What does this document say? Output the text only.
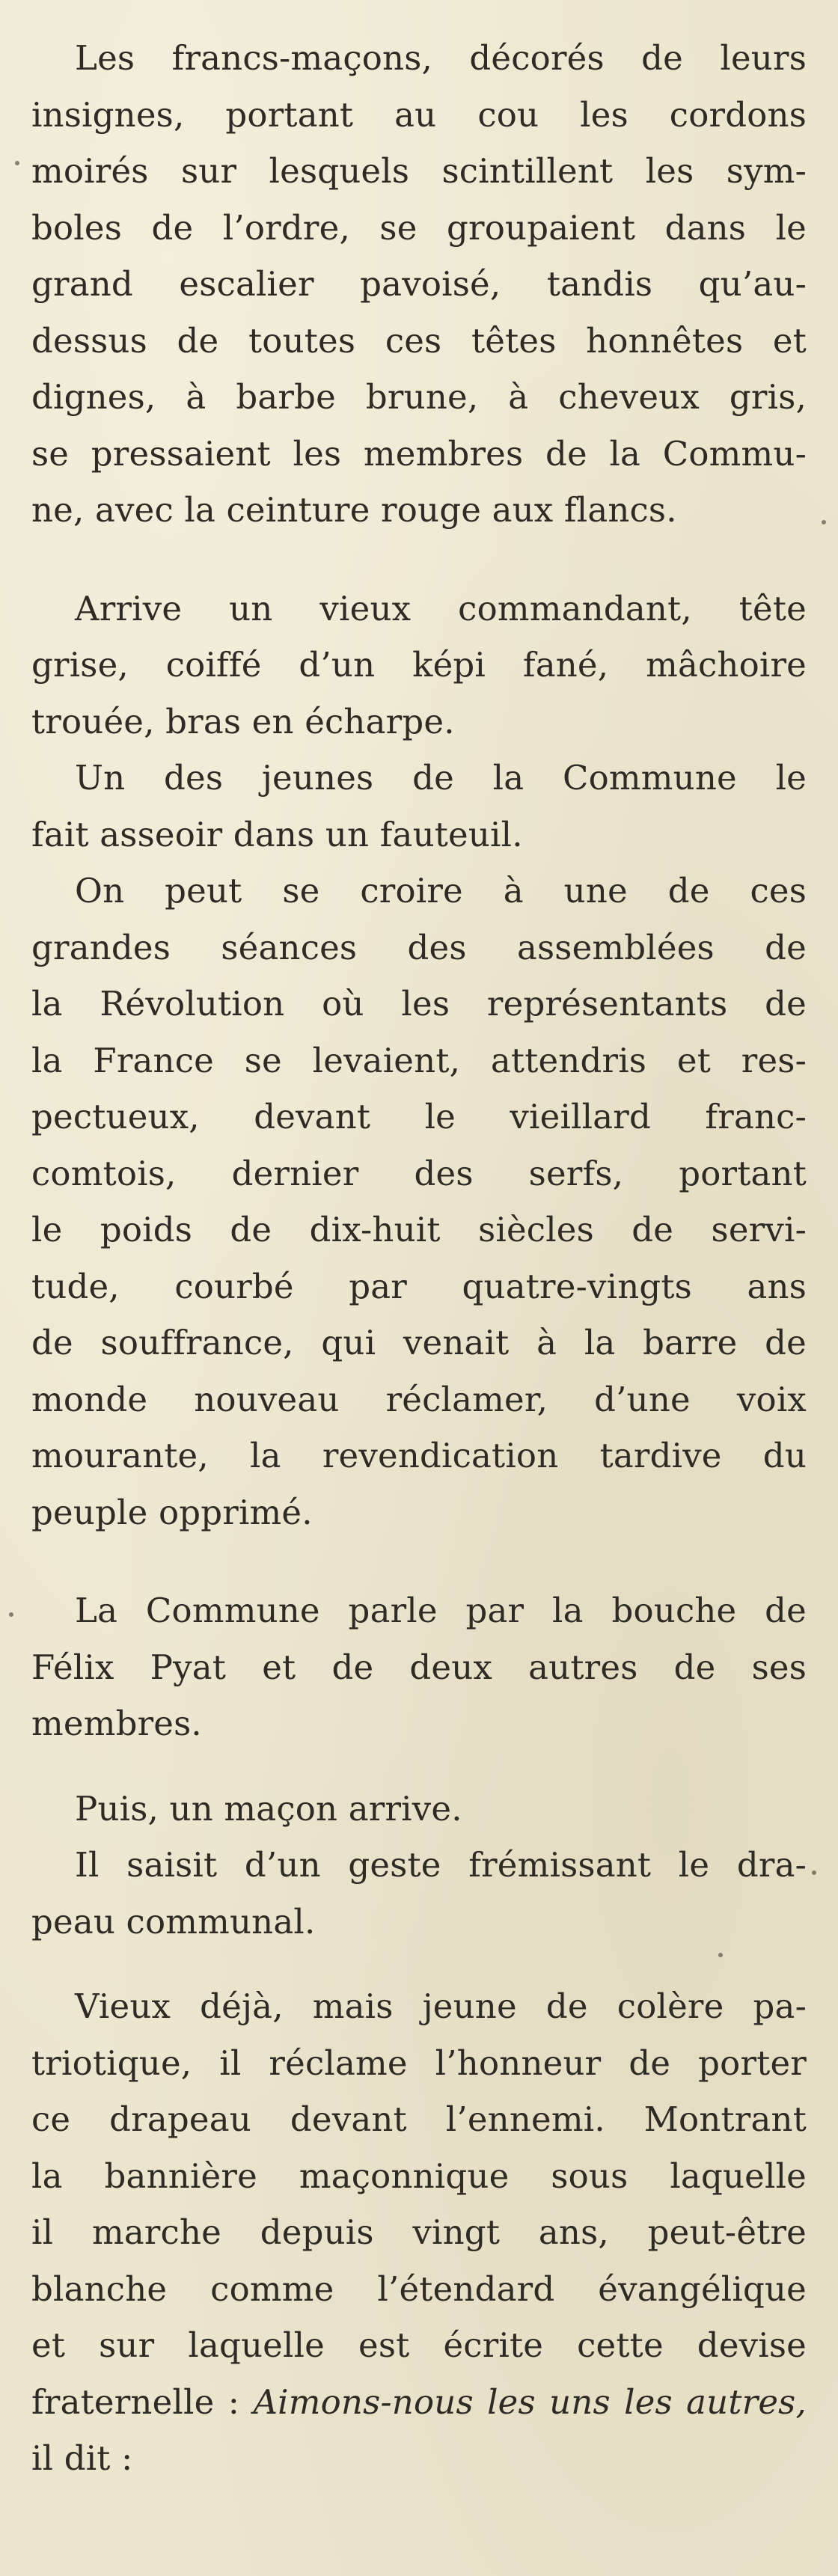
Les francs-maçons, décorés de leurs
insignes, portant au cou les cordons
moirés sur lesquels scintillent les sym-
boles de l’ordre, se groupaient dans le
grand escalier pavoisé, tandis qu’au-
dessus de toutes ces têtes honnêtes et
dignes, à barbe brune, à cheveux gris,
se pressaient les membres de la Commu-
ne, avec la ceinture rouge aux flancs.
Arrive un vieux commandant, tête
grise, coiffé d’un képi fané, mâchoire
trouée, bras en écharpe.
Un des jeunes de la Commune le
fait asseoir dans un fauteuil.
On peut se croire à une de ces
grandes séances des assemblées de
la Révolution où les représentants de
la France se levaient, attendris et res-
pectueux, devant le vieillard franc-
comtois, dernier des serfs, portant
le poids de dix-huit siècles de servi-
tude, courbé par quatre-vingts ans
de souffrance, qui venait à la barre de
monde nouveau réclamer, d’une voix
mourante, la revendication tardive du
peuple opprimé.
La Commune parle par la bouche de
Félix Pyat et de deux autres de ses
membres.
Puis, un maçon arrive.
Il saisit d’un geste frémissant le dra-
peau communal.
Vieux déjà, mais jeune de colère pa-
triotique, il réclame l’honneur de porter
ce drapeau devant l’ennemi. Montrant
la bannière maçonnique sous laquelle
il marche depuis vingt ans, peut-être
blanche comme l’étendard évangélique
et sur laquelle est écrite cette devise
fraternelle : Aimons-nous les uns les autres,
il dit :
